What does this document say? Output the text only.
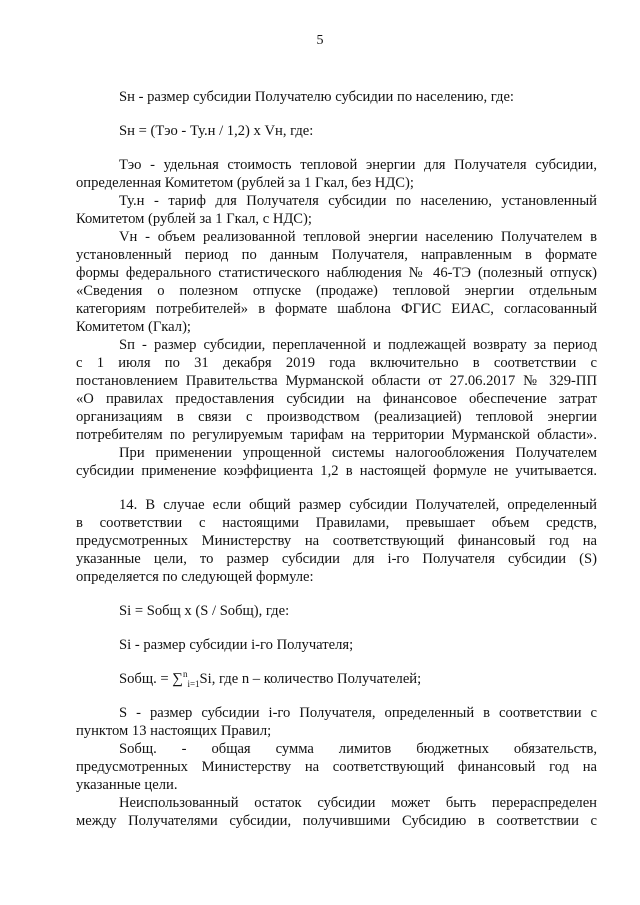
5
Sн - размер субсидии Получателю субсидии по населению, где:
Sн = (Тэо - Ту.н / 1,2) х Vн, где:
Тэо - удельная стоимость тепловой энергии для Получателя субсидии,
определенная Комитетом (рублей за 1 Гкал, без НДС);
Ту.н - тариф для Получателя субсидии по населению, установленный
Комитетом (рублей за 1 Гкал, с НДС);
Vн - объем реализованной тепловой энергии населению Получателем в
установленный период по данным Получателя, направленным в формате
формы федерального статистического наблюдения № 46-ТЭ (полезный отпуск)
«Сведения о полезном отпуске (продаже) тепловой энергии отдельным
категориям потребителей» в формате шаблона ФГИС ЕИАС, согласованный
Комитетом (Гкал);
Sп - размер субсидии, переплаченной и подлежащей возврату за период
с 1 июля по 31 декабря 2019 года включительно в соответствии с
постановлением Правительства Мурманской области от 27.06.2017 № 329-ПП
«О правилах предоставления субсидии на финансовое обеспечение затрат
организациям в связи с производством (реализацией) тепловой энергии
потребителям по регулируемым тарифам на территории Мурманской области».
При применении упрощенной системы налогообложения Получателем
субсидии применение коэффициента 1,2 в настоящей формуле не учитывается.
14. В случае если общий размер субсидии Получателей, определенный
в соответствии с настоящими Правилами, превышает объем средств,
предусмотренных Министерству на соответствующий финансовый год на
указанные цели, то размер субсидии для i-го Получателя субсидии (S)
определяется по следующей формуле:
Si = Sобщ х (S / Sобщ), где:
Si - размер субсидии i-го Получателя;
Sобщ. = ∑$^n_{i=1}$Si, где n – количество Получателей;
S - размер субсидии i-го Получателя, определенный в соответствии с
пунктом 13 настоящих Правил;
Sобщ. - общая сумма лимитов бюджетных обязательств,
предусмотренных Министерству на соответствующий финансовый год на
указанные цели.
Неиспользованный остаток субсидии может быть перераспределен
между Получателями субсидии, получившими Субсидию в соответствии с
